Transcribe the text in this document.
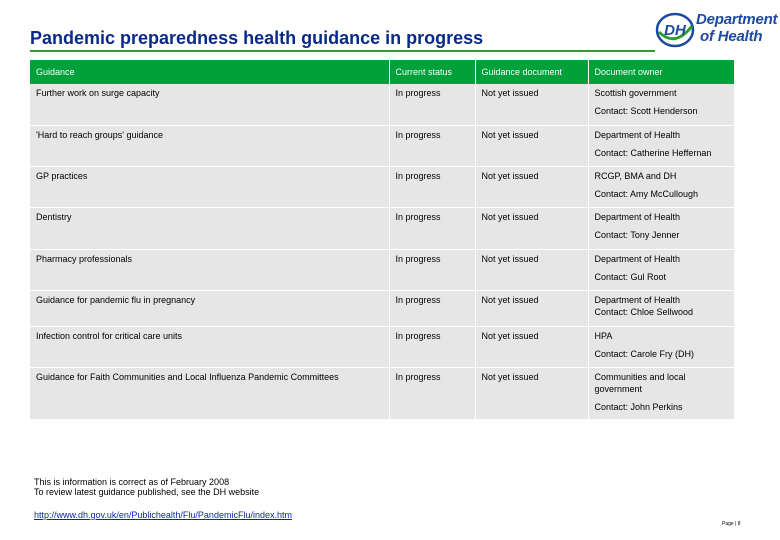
Pandemic preparedness health guidance in progress	DH
Department
of Health
Guidance	Current status	Guidance document	Document owner
Further work on surge capacity	In progress	Not yet issued	Scottish government
Contact: Scott Henderson

'Hard to reach groups' guidance	In progress	Not yet issued	Department of Health
Contact: Catherine Heffernan

GP practices	In progress	Not yet issued	RCGP, BMA and DH
Contact: Amy McCullough

Dentistry	In progress	Not yet issued	Department of Health
Contact: Tony Jenner

Pharmacy professionals	In progress	Not yet issued	Department of Health
Contact: Gul Root

Guidance for pandemic flu in pregnancy	In progress	Not yet issued	Department of Health
Contact: Chloe Sellwood

Infection control for critical care units	In progress	Not yet issued	HPA
Contact: Carole Fry (DH)

Guidance for Faith Communities and Local Influenza Pandemic Committees	In progress	Not yet issued	Communities and local government
Contact: John Perkins
This is information is correct as of February 2008
To review latest guidance published, see the DH website
http://www.dh.gov.uk/en/Publichealth/Flu/PandemicFlu/index.htm
Page | 8
